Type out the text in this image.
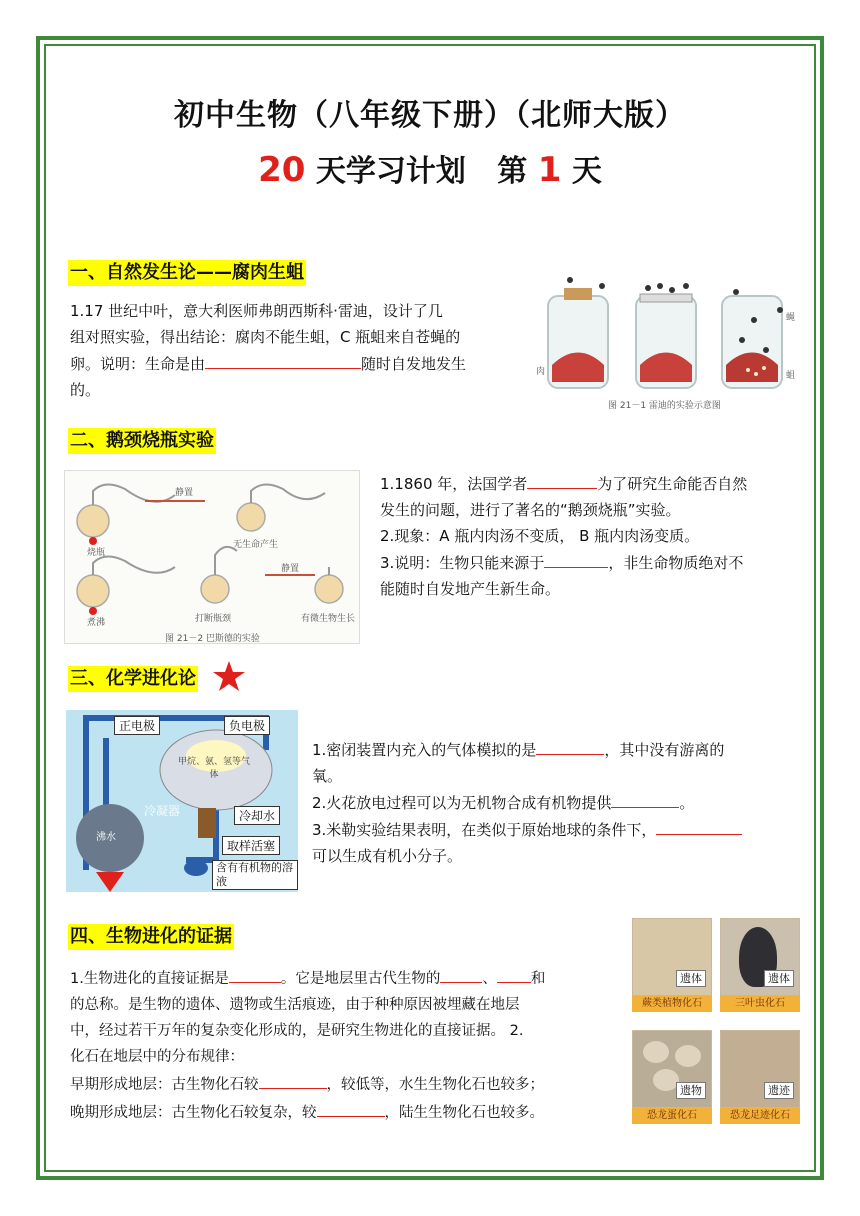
初中生物（八年级下册）（北师大版）
20 天学习计划 第 1 天
一、自然发生论——腐肉生蛆
1.17 世纪中叶，意大利医师弗朗西斯科·雷迪，设计了几
组对照实验，得出结论：腐肉不能生蛆，C 瓶蛆来自苍蝇的
卵。说明：生命是由	随时自发地发生
的。
图 21－1 雷迪的实验示意图
蝇
蛆
肉
二、鹅颈烧瓶实验
静置
烧瓶
无生命产生
煮沸	打断瓶颈
静置
有微生物生长
图 21－2 巴斯德的实验
1.1860 年，法国学者	为了研究生命能否自然
发生的问题，进行了著名的“鹅颈烧瓶”实验。
2.现象：A 瓶内肉汤不变质， B 瓶内肉汤变质。
3.说明：生物只能来源于	，非生命物质绝对不
能随时自发地产生新生命。
三、化学进化论
正电极	负电极
甲烷、氨、氢等气体
冷凝器	冷却水
取样活塞
含有有机物的溶液
沸水
1.密闭装置内充入的气体模拟的是	，其中没有游离的
氧。
2.火花放电过程可以为无机物合成有机物提供	。
3.米勒实验结果表明，在类似于原始地球的条件下，
可以生成有机小分子。
四、生物进化的证据
1.生物进化的直接证据是	。它是地层里古代生物的	、 和
的总称。是生物的遗体、遗物或生活痕迹，由于种种原因被埋藏在地层
中，经过若干万年的复杂变化形成的，是研究生物进化的直接证据。 2.
化石在地层中的分布规律：
早期形成地层：古生物化石较	，较低等，水生生物化石也较多；
晚期形成地层：古生物化石较复杂，较	，陆生生物化石也较多。
遗体
蕨类植物化石
遗体
三叶虫化石
遗物
恐龙蛋化石
遗迹
恐龙足迹化石
